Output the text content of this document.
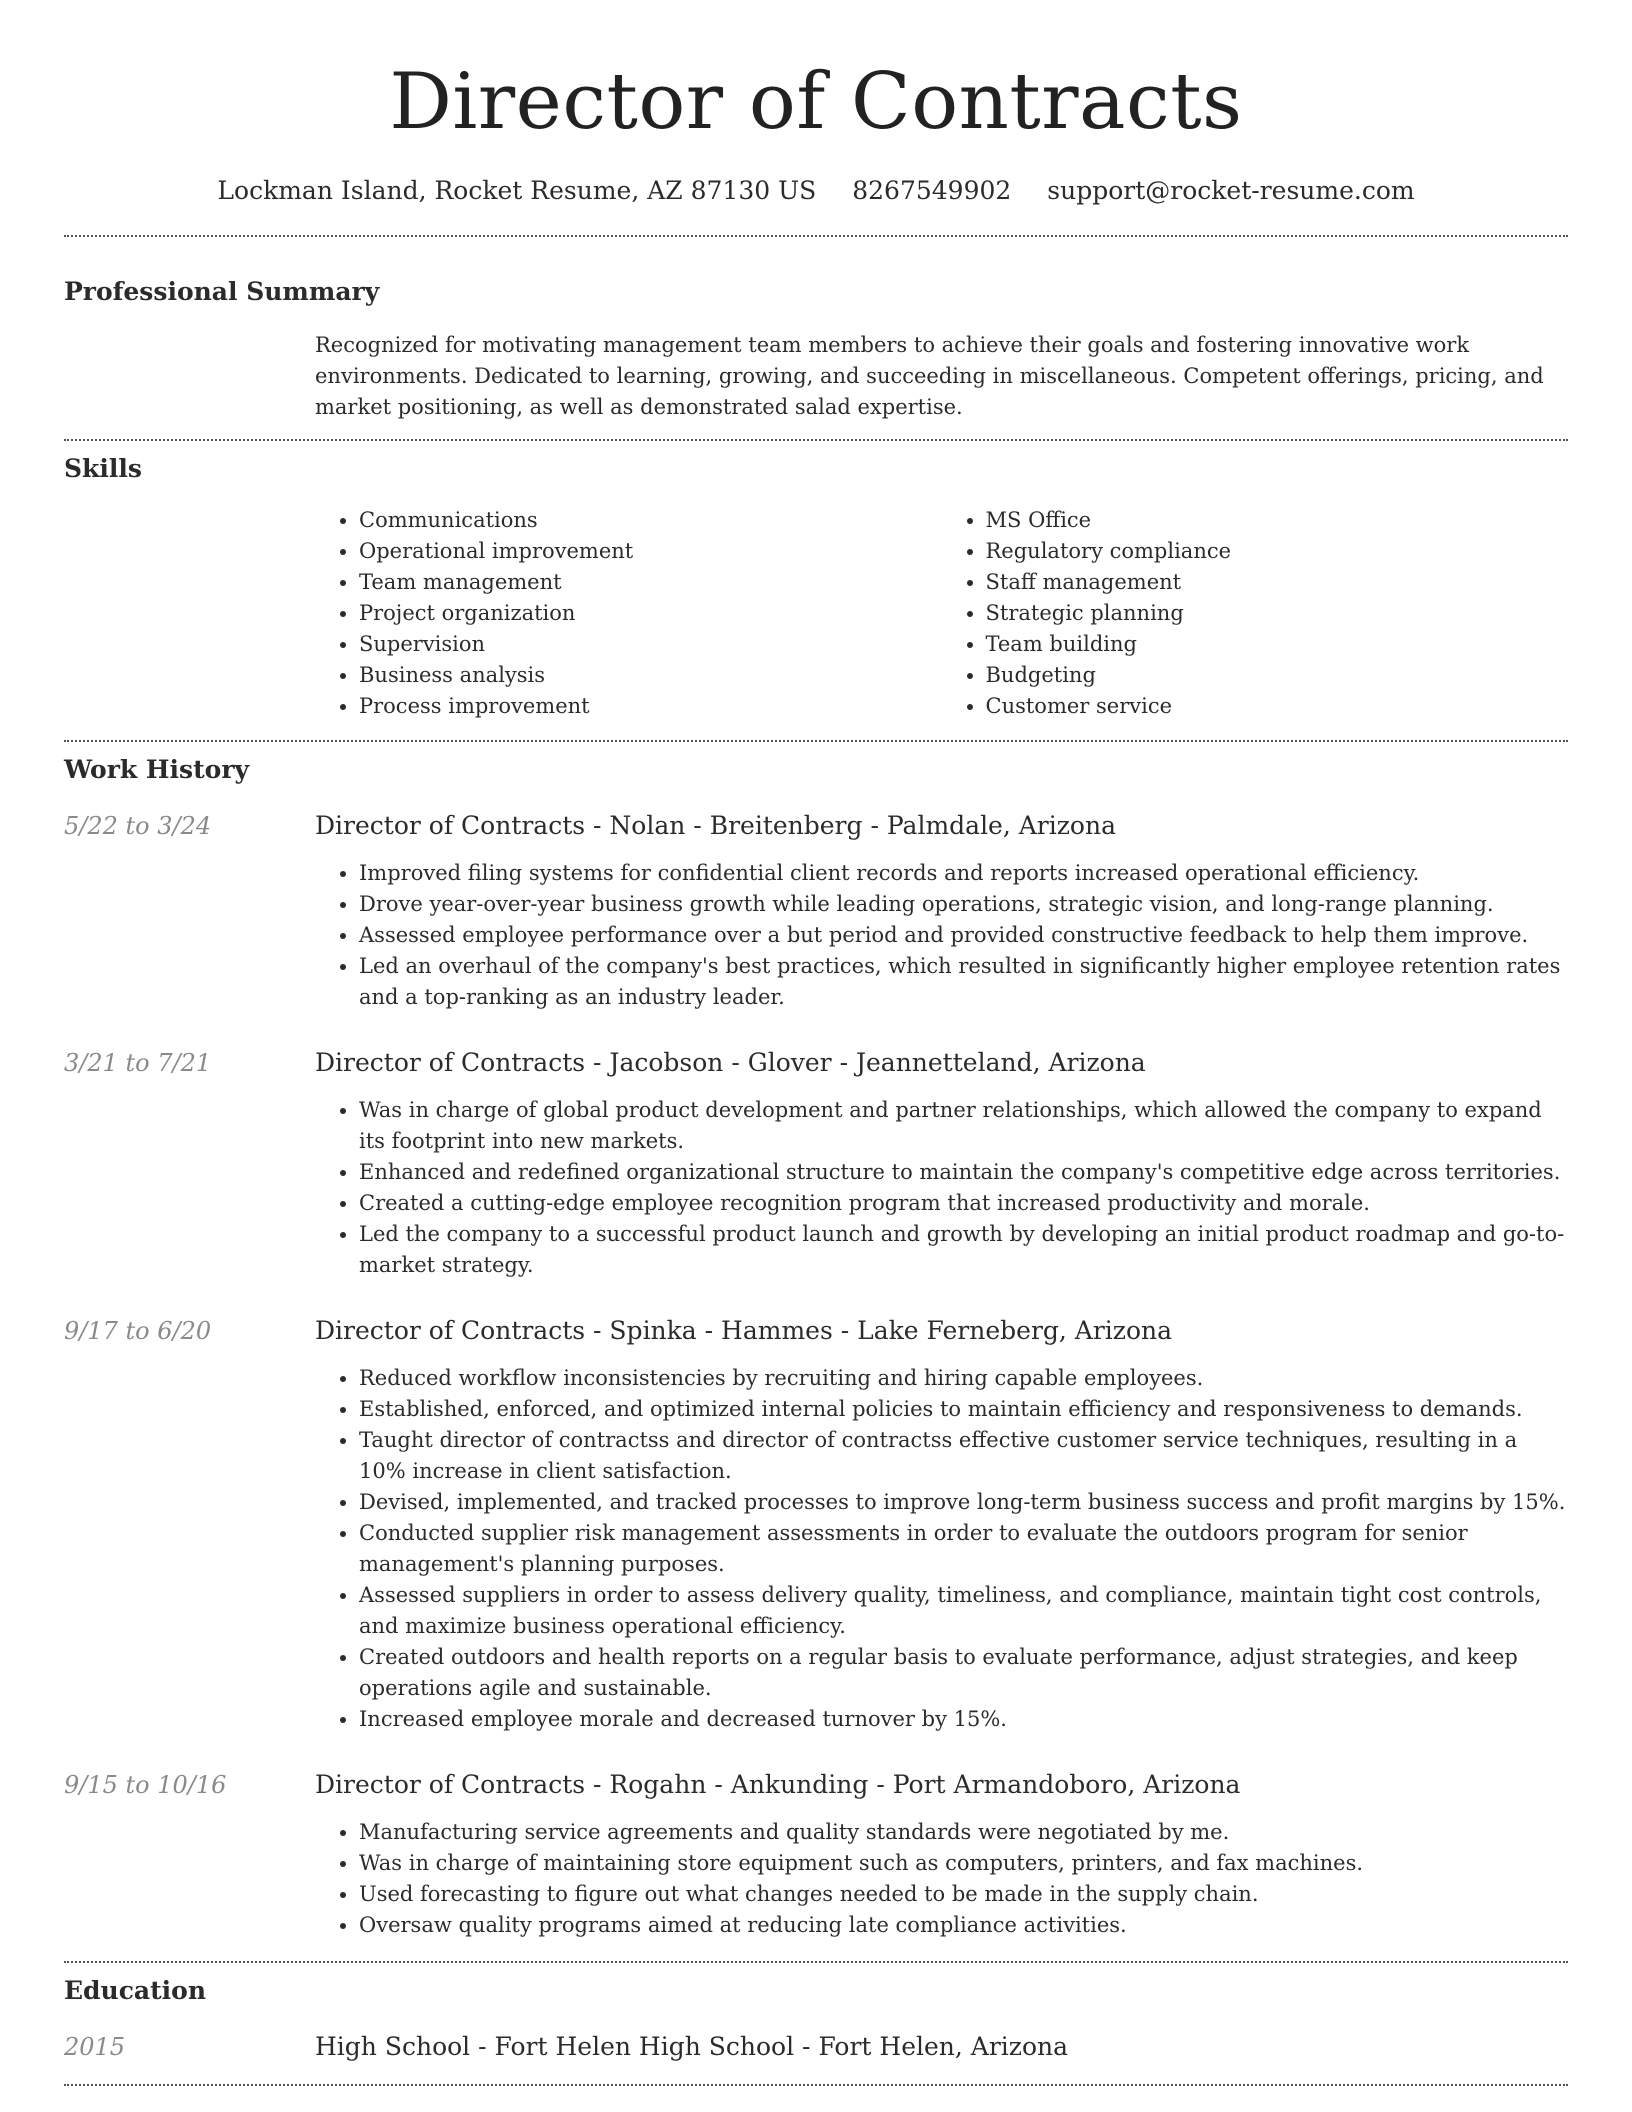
Director of Contracts
Lockman Island, Rocket Resume, AZ 87130 US 8267549902 support@rocket-resume.com
Professional Summary
Recognized for motivating management team members to achieve their goals and fostering innovative work environments. Dedicated to learning, growing, and succeeding in miscellaneous. Competent offerings, pricing, and market positioning, as well as demonstrated salad expertise.
Skills
• Communications
• Operational improvement
• Team management
• Project organization
• Supervision
• Business analysis
• Process improvement
• MS Office
• Regulatory compliance
• Staff management
• Strategic planning
• Team building
• Budgeting
• Customer service
Work History
5/22 to 3/24	Director of Contracts - Nolan - Breitenberg - Palmdale, Arizona
• Improved filing systems for confidential client records and reports increased operational efficiency.
• Drove year-over-year business growth while leading operations, strategic vision, and long-range planning.
• Assessed employee performance over a but period and provided constructive feedback to help them improve.
• Led an overhaul of the company's best practices, which resulted in significantly higher employee retention rates and a top-ranking as an industry leader.
3/21 to 7/21	Director of Contracts - Jacobson - Glover - Jeannetteland, Arizona
• Was in charge of global product development and partner relationships, which allowed the company to expand its footprint into new markets.
• Enhanced and redefined organizational structure to maintain the company's competitive edge across territories.
• Created a cutting-edge employee recognition program that increased productivity and morale.
• Led the company to a successful product launch and growth by developing an initial product roadmap and go-to-market strategy.
9/17 to 6/20	Director of Contracts - Spinka - Hammes - Lake Ferneberg, Arizona
• Reduced workflow inconsistencies by recruiting and hiring capable employees.
• Established, enforced, and optimized internal policies to maintain efficiency and responsiveness to demands.
• Taught director of contractss and director of contractss effective customer service techniques, resulting in a 10% increase in client satisfaction.
• Devised, implemented, and tracked processes to improve long-term business success and profit margins by 15%.
• Conducted supplier risk management assessments in order to evaluate the outdoors program for senior management's planning purposes.
• Assessed suppliers in order to assess delivery quality, timeliness, and compliance, maintain tight cost controls, and maximize business operational efficiency.
• Created outdoors and health reports on a regular basis to evaluate performance, adjust strategies, and keep operations agile and sustainable.
• Increased employee morale and decreased turnover by 15%.
9/15 to 10/16	Director of Contracts - Rogahn - Ankunding - Port Armandoboro, Arizona
• Manufacturing service agreements and quality standards were negotiated by me.
• Was in charge of maintaining store equipment such as computers, printers, and fax machines.
• Used forecasting to figure out what changes needed to be made in the supply chain.
• Oversaw quality programs aimed at reducing late compliance activities.
Education
2015	High School - Fort Helen High School - Fort Helen, Arizona
